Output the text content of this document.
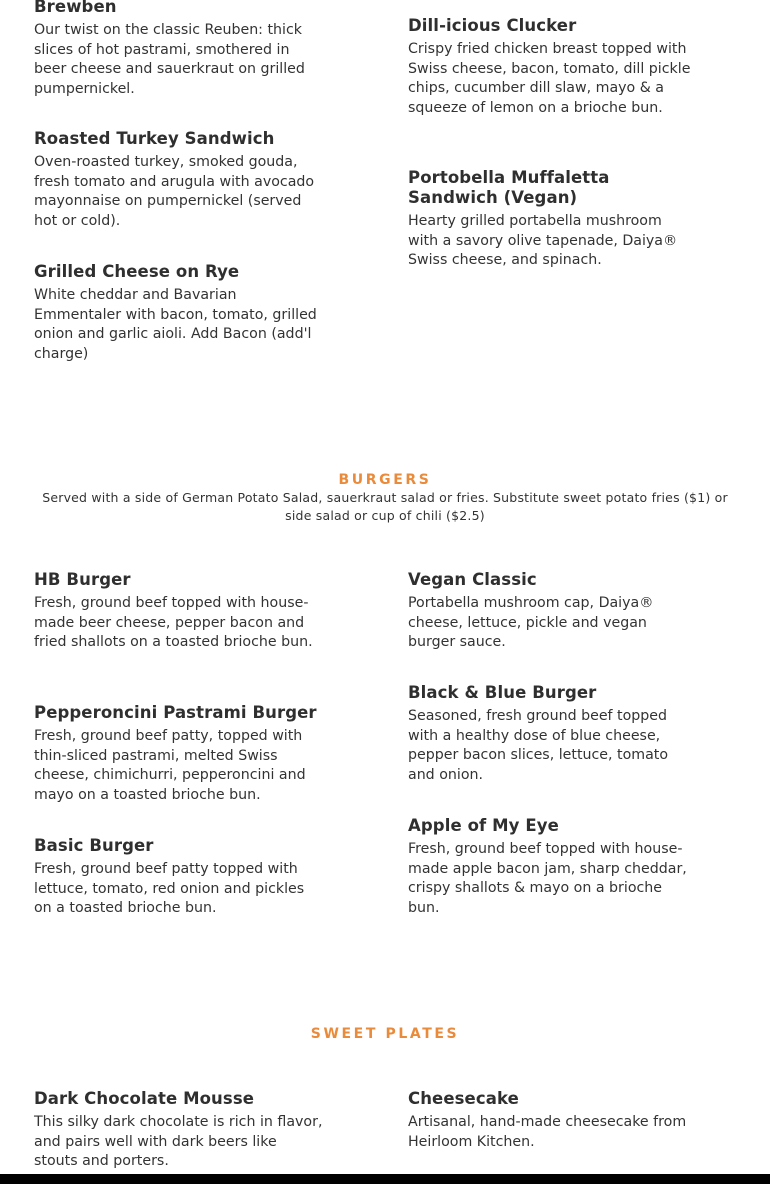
Brewben

Our twist on the classic Reuben: thick slices of hot pastrami, smothered in beer cheese and sauerkraut on grilled pumpernickel.

Dill-icious Clucker

Crispy fried chicken breast topped with Swiss cheese, bacon, tomato, dill pickle chips, cucumber dill slaw, mayo & a squeeze of lemon on a brioche bun.

Roasted Turkey Sandwich

Oven-roasted turkey, smoked gouda, fresh tomato and arugula with avocado mayonnaise on pumpernickel (served hot or cold).

Portobella Muffaletta Sandwich (Vegan)

Hearty grilled portabella mushroom with a savory olive tapenade, Daiya® Swiss cheese, and spinach.

Grilled Cheese on Rye

White cheddar and Bavarian Emmentaler with bacon, tomato, grilled onion and garlic aioli. Add Bacon (add'l charge)

BURGERS

Served with a side of German Potato Salad, sauerkraut salad or fries. Substitute sweet potato fries ($1) or side salad or cup of chili ($2.5)

HB Burger

Fresh, ground beef topped with house-made beer cheese, pepper bacon and fried shallots on a toasted brioche bun.

Vegan Classic

Portabella mushroom cap, Daiya® cheese, lettuce, pickle and vegan burger sauce.

Pepperoncini Pastrami Burger

Fresh, ground beef patty, topped with thin-sliced pastrami, melted Swiss cheese, chimichurri, pepperoncini and mayo on a toasted brioche bun.

Black & Blue Burger

Seasoned, fresh ground beef topped with a healthy dose of blue cheese, pepper bacon slices, lettuce, tomato and onion.

Basic Burger

Fresh, ground beef patty topped with lettuce, tomato, red onion and pickles on a toasted brioche bun.

Apple of My Eye

Fresh, ground beef topped with house-made apple bacon jam, sharp cheddar, crispy shallots & mayo on a brioche bun.

SWEET PLATES
Dark Chocolate Mousse

This silky dark chocolate is rich in flavor, and pairs well with dark beers like stouts and porters.

Cheesecake

Artisanal, hand-made cheesecake from Heirloom Kitchen.
